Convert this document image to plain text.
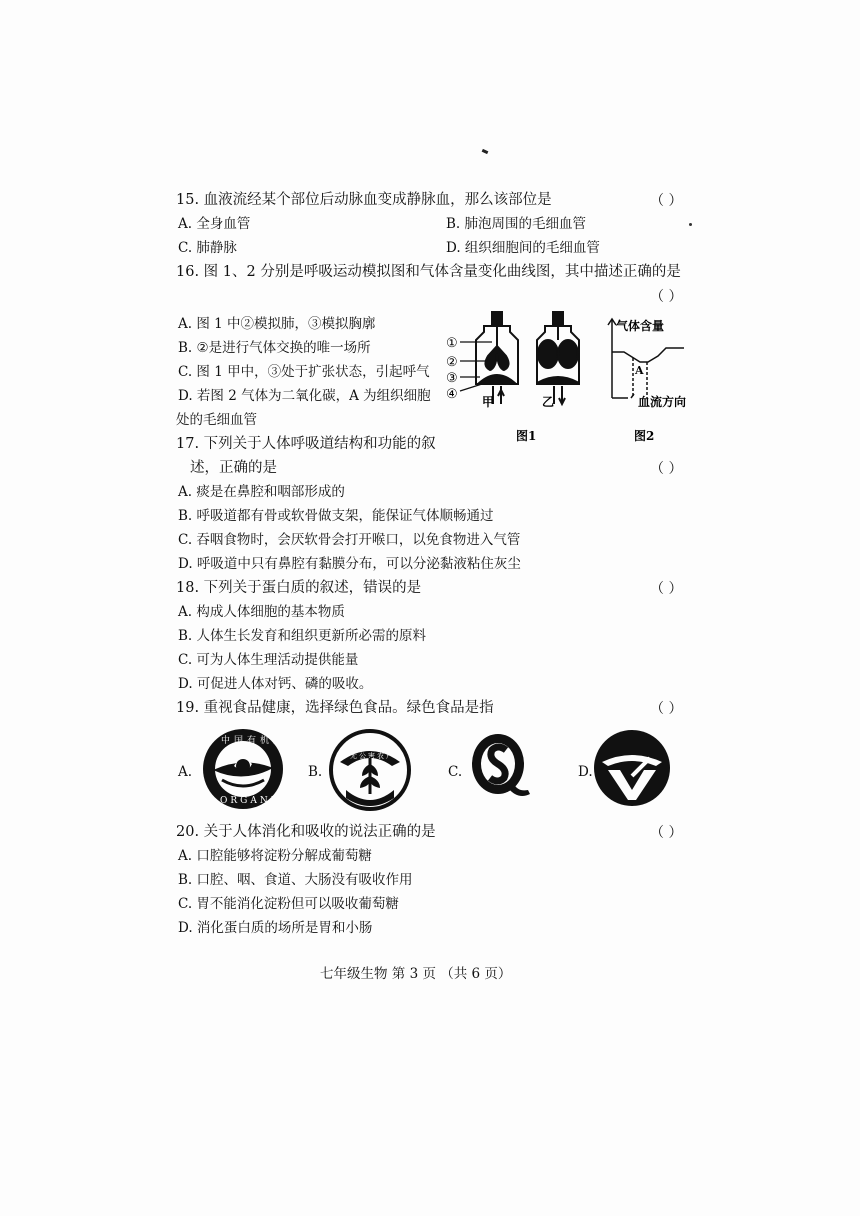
15. 血液流经某个部位后动脉血变成静脉血，那么该部位是	（ ）
A. 全身血管	B. 肺泡周围的毛细血管
C. 肺静脉	D. 组织细胞间的毛细血管
16. 图 1、2 分别是呼吸运动模拟图和气体含量变化曲线图，其中描述正确的是
（ ）
A. 图 1 中②模拟肺，③模拟胸廓
B. ②是进行气体交换的唯一场所
C. 图 1 甲中，③处于扩张状态，引起呼气
D. 若图 2 气体为二氧化碳，A 为组织细胞
处的毛细血管
①
②
③
④ 甲	乙
图1
气体含量
A
血流方向
图2
17. 下列关于人体呼吸道结构和功能的叙
述，正确的是	（ ）
A. 痰是在鼻腔和咽部形成的
B. 呼吸道都有骨或软骨做支架，能保证气体顺畅通过
C. 吞咽食物时，会厌软骨会打开喉口，以免食物进入气管
D. 呼吸道中只有鼻腔有黏膜分布，可以分泌黏液粘住灰尘
18. 下列关于蛋白质的叙述，错误的是	（ ）
A. 构成人体细胞的基本物质
B. 人体生长发育和组织更新所必需的原料
C. 可为人体生理活动提供能量
D. 可促进人体对钙、磷的吸收。
19. 重视食品健康，选择绿色食品。绿色食品是指	（ ）
A.
中国有机产品
ORGANIC
B.
无公害农产品
C.	D.
20. 关于人体消化和吸收的说法正确的是	（ ）
A. 口腔能够将淀粉分解成葡萄糖
B. 口腔、咽、食道、大肠没有吸收作用
C. 胃不能消化淀粉但可以吸收葡萄糖
D. 消化蛋白质的场所是胃和小肠
七年级生物 第 3 页 （共 6 页）
